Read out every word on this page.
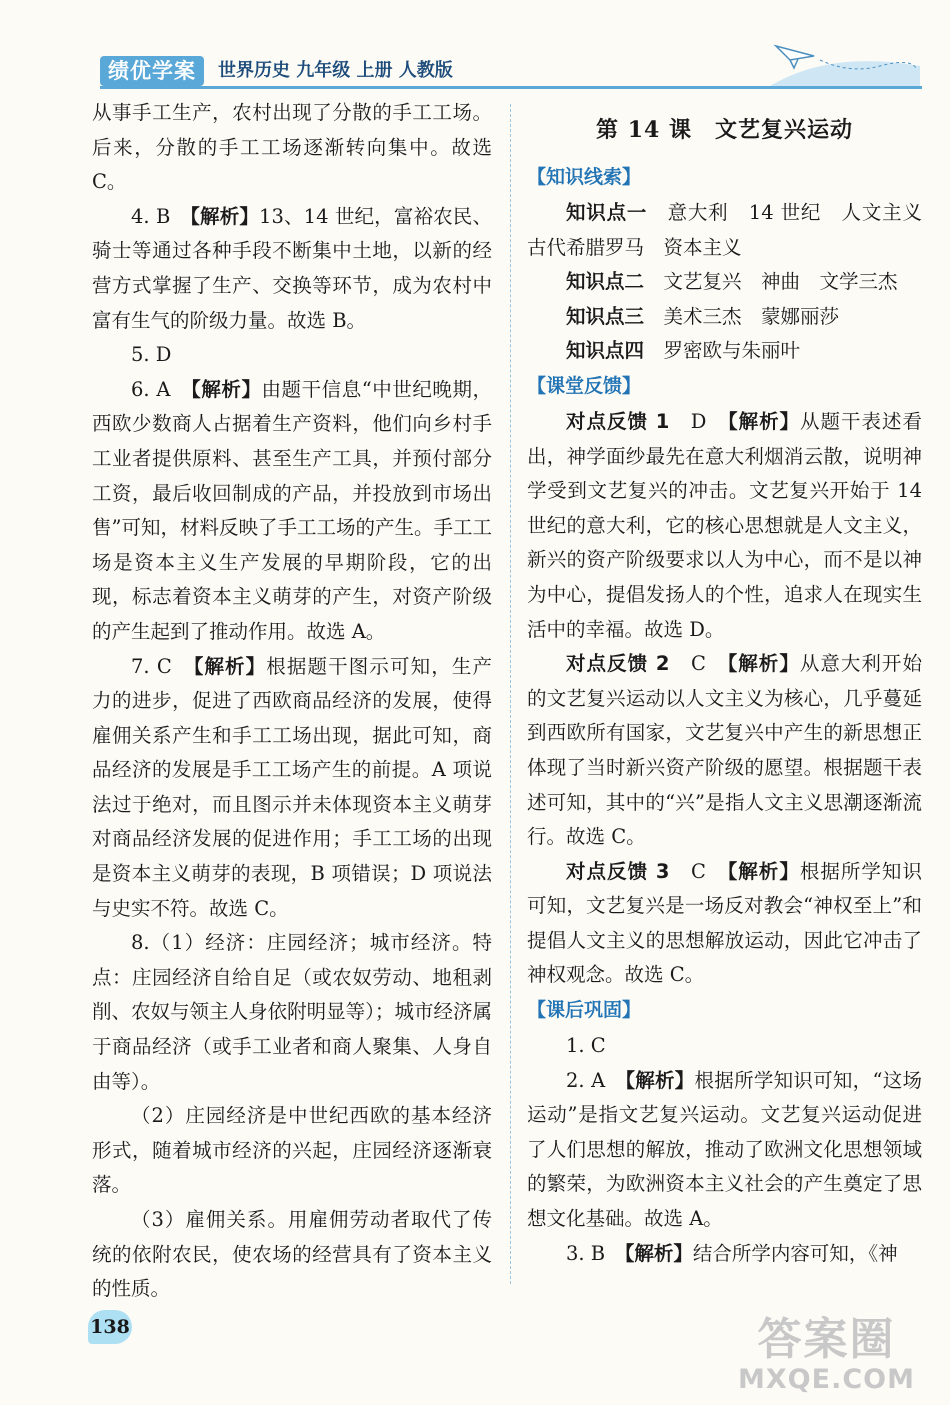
绩优学案	世界历史 九年级 上册 人教版

从事手工生产，农村出现了分散的手工工场。后来，分散的手工工场逐渐转向集中。故选 C。

4. B　 【解析】13、14 世纪，富裕农民、骑士等通过各种手段不断集中土地，以新的经营方式掌握了生产、交换等环节，成为农村中富有生气的阶级力量。故选 B。

5. D

6. A　 【解析】由题干信息“中世纪晚期，西欧少数商人占据着生产资料，他们向乡村手工业者提供原料、甚至生产工具，并预付部分工资，最后收回制成的产品，并投放到市场出售”可知，材料反映了手工工场的产生。手工工场是资本主义生产发展的早期阶段，它的出现，标志着资本主义萌芽的产生，对资产阶级的产生起到了推动作用。故选 A。

7. C　 【解析】根据题干图示可知，生产力的进步，促进了西欧商品经济的发展，使得雇佣关系产生和手工工场出现，据此可知，商品经济的发展是手工工场产生的前提。A 项说法过于绝对，而且图示并未体现资本主义萌芽对商品经济发展的促进作用；手工工场的出现是资本主义萌芽的表现，B 项错误；D 项说法与史实不符。故选 C。

8.（1）经济：庄园经济；城市经济。特点：庄园经济自给自足（或农奴劳动、地租剥削、农奴与领主人身依附明显等）；城市经济属于商品经济（或手工业者和商人聚集、人身自由等）。

（2）庄园经济是中世纪西欧的基本经济形式，随着城市经济的兴起，庄园经济逐渐衰落。

（3）雇佣关系。用雇佣劳动者取代了传统的依附农民，使农场的经营具有了资本主义的性质。

第 14 课　文艺复兴运动
【知识线索】

知识点一　 意大利　14 世纪　人文主义　古代希腊罗马　资本主义

知识点二　 文艺复兴　神曲　文学三杰

知识点三　 美术三杰　蒙娜丽莎

知识点四　 罗密欧与朱丽叶

【课堂反馈】

对点反馈 1　 D　 【解析】从题干表述看出，神学面纱最先在意大利烟消云散，说明神学受到文艺复兴的冲击。文艺复兴开始于 14 世纪的意大利，它的核心思想就是人文主义，新兴的资产阶级要求以人为中心，而不是以神为中心，提倡发扬人的个性，追求人在现实生活中的幸福。故选 D。

对点反馈 2　 C　 【解析】从意大利开始的文艺复兴运动以人文主义为核心，几乎蔓延到西欧所有国家，文艺复兴中产生的新思想正体现了当时新兴资产阶级的愿望。根据题干表述可知，其中的“兴”是指人文主义思潮逐渐流行。故选 C。

对点反馈 3　 C　 【解析】根据所学知识可知，文艺复兴是一场反对教会“神权至上”和提倡人文主义的思想解放运动，因此它冲击了神权观念。故选 C。

【课后巩固】

1. C

2. A　 【解析】根据所学知识可知，“这场运动”是指文艺复兴运动。文艺复兴运动促进了人们思想的解放，推动了欧洲文化思想领域的繁荣，为欧洲资本主义社会的产生奠定了思想文化基础。故选 A。

3. B　 【解析】结合所学内容可知，《神

138	答案圈
MXQE.COM
